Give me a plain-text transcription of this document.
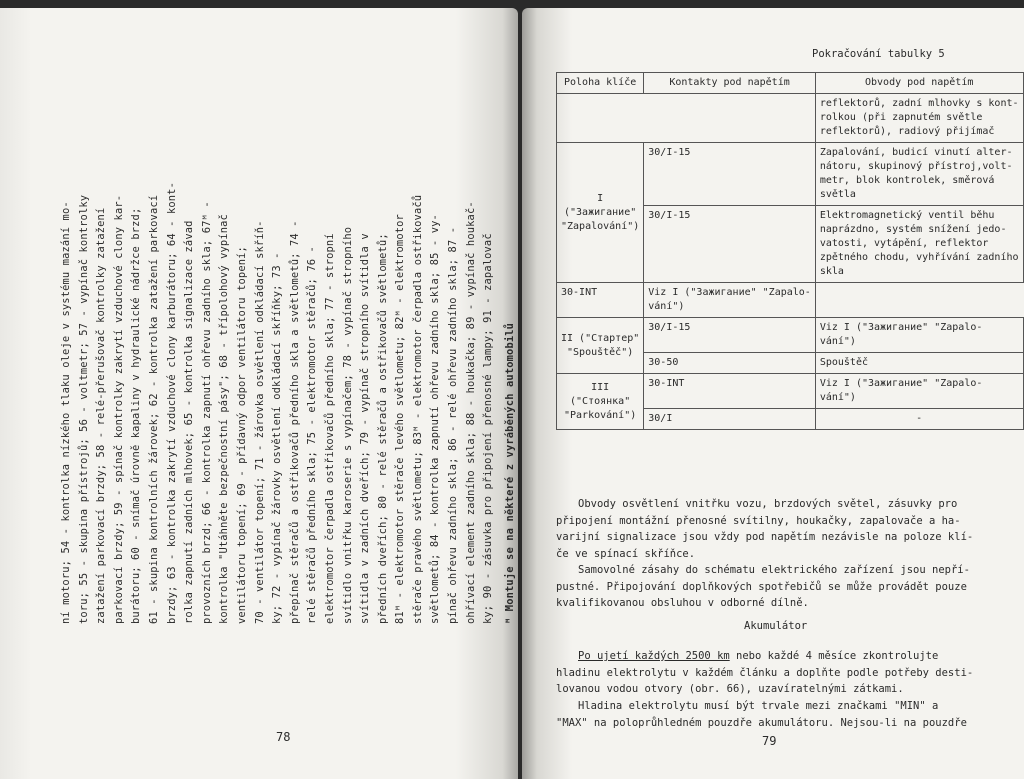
ní motoru; 54 - kontrolka nízkého tlaku oleje v systému mazání mo- toru; 55 - skupina přístrojů; 56 - voltmetr; 57 - vypínač kontrolky zatažení parkovací brzdy; 58 - relé-přerušovač kontrolky zatažení parkovací brzdy; 59 - spínač kontrolky zakrytí vzduchové clony kar- burátoru; 60 - snímač úrovně kapaliny v hydraulické nádržce brzd; 61 - skupina kontrolních žárovek; 62 - kontrolka zatažení parkovací brzdy; 63 - kontrolka zakrytí vzduchové clony karburátoru; 64 - kont- rolka zapnutí zadních mlhovek; 65 - kontrolka signalizace závad provozních brzd; 66 - kontrolka zapnutí ohřevu zadního skla; 67ᴹ - kontrolka "Utáhněte bezpečnostní pásy"; 68 - třípolohový vypínač ventilátoru topení; 69 - přídavný odpor ventilátoru topení; 70 - ventilátor topení; 71 - žárovka osvětlení odkládací skříň- ky; 72 - vypínač žárovky osvětlení odkládací skříňky; 73 - přepínač stěračů a ostřikovačů předního skla a světlometů; 74 - relé stěračů předního skla; 75 - elektromotor stěračů; 76 - elektromotor čerpadla ostřikovačů předního skla; 77 - stropní svítidlo vnitřku karoserie s vypínačem; 78 - vypínač stropního svítidla v zadních dveřích; 79 - vypínač stropního svítidla v předních dveřích; 80 - relé stěračů a ostřikovačů světlometů; 81ᴹ - elektromotor stěrače levého světlometu; 82ᴹ - elektromotor stěrače pravého světlometu; 83ᴹ - elektromotor čerpadla ostřikovačů světlometů; 84 - kontrolka zapnutí ohřevu zadního skla; 85 - vy- pínač ohřevu zadního skla; 86 - relé ohřevu zadního skla; 87 - ohřívací element zadního skla; 88 - houkačka; 89 - vypínač houkač- ky; 90 - zásuvka pro připojení přenosné lampy; 91 - zapalovač ᴹ Montuje se na některé z vyráběných automobilů
78
Pokračování tabulky 5
Poloha klíče	Kontakty pod napětím	Obvody pod napětím

		reflektorů, zadní mlhovky s kont-
rolkou (při zapnutém světle
reflektorů), radiový přijímač

I ("Зажигание" "Zapalování")	30/I-15	Zapalování, budicí vinutí alter-
nátoru, skupinový přístroj,volt-
metr, blok kontrolek, směrová
světla

	30/I-15	Elektromagnetický ventil běhu
naprázdno, systém snížení jedo-
vatosti, vytápění, reflektor
zpětného chodu, vyhřívání zadního
skla

30-INT	Viz I ("Зажигание" "Zapalo-
vání")	

II ("Стартер" "Spouštěč")	30/I-15	Viz I ("Зажигание" "Zapalo-
vání")

	30-50	Spouštěč

III ("Стоянка" "Parkování")	30-INT	Viz I ("Зажигание" "Zapalo-
vání")

	30/I	-
Obvody osvětlení vnitřku vozu, brzdových světel, zásuvky pro
připojení montážní přenosné svítilny, houkačky, zapalovače a ha-
varijní signalizace jsou vždy pod napětím nezávisle na poloze klí-
če ve spínací skříňce.
Samovolné zásahy do schématu elektrického zařízení jsou nepří-
pustné. Připojování doplňkových spotřebičů se může provádět pouze
kvalifikovanou obsluhou v odborné dílně.
Akumulátor
Po ujetí každých 2500 km nebo každé 4 měsíce zkontrolujte
hladinu elektrolytu v každém článku a doplňte podle potřeby desti-
lovanou vodou otvory (obr. 66), uzavíratelnými zátkami.
Hladina elektrolytu musí být trvale mezi značkami "MIN" a
"MAX" na poloprůhledném pouzdře akumulátoru. Nejsou-li na pouzdře
79
